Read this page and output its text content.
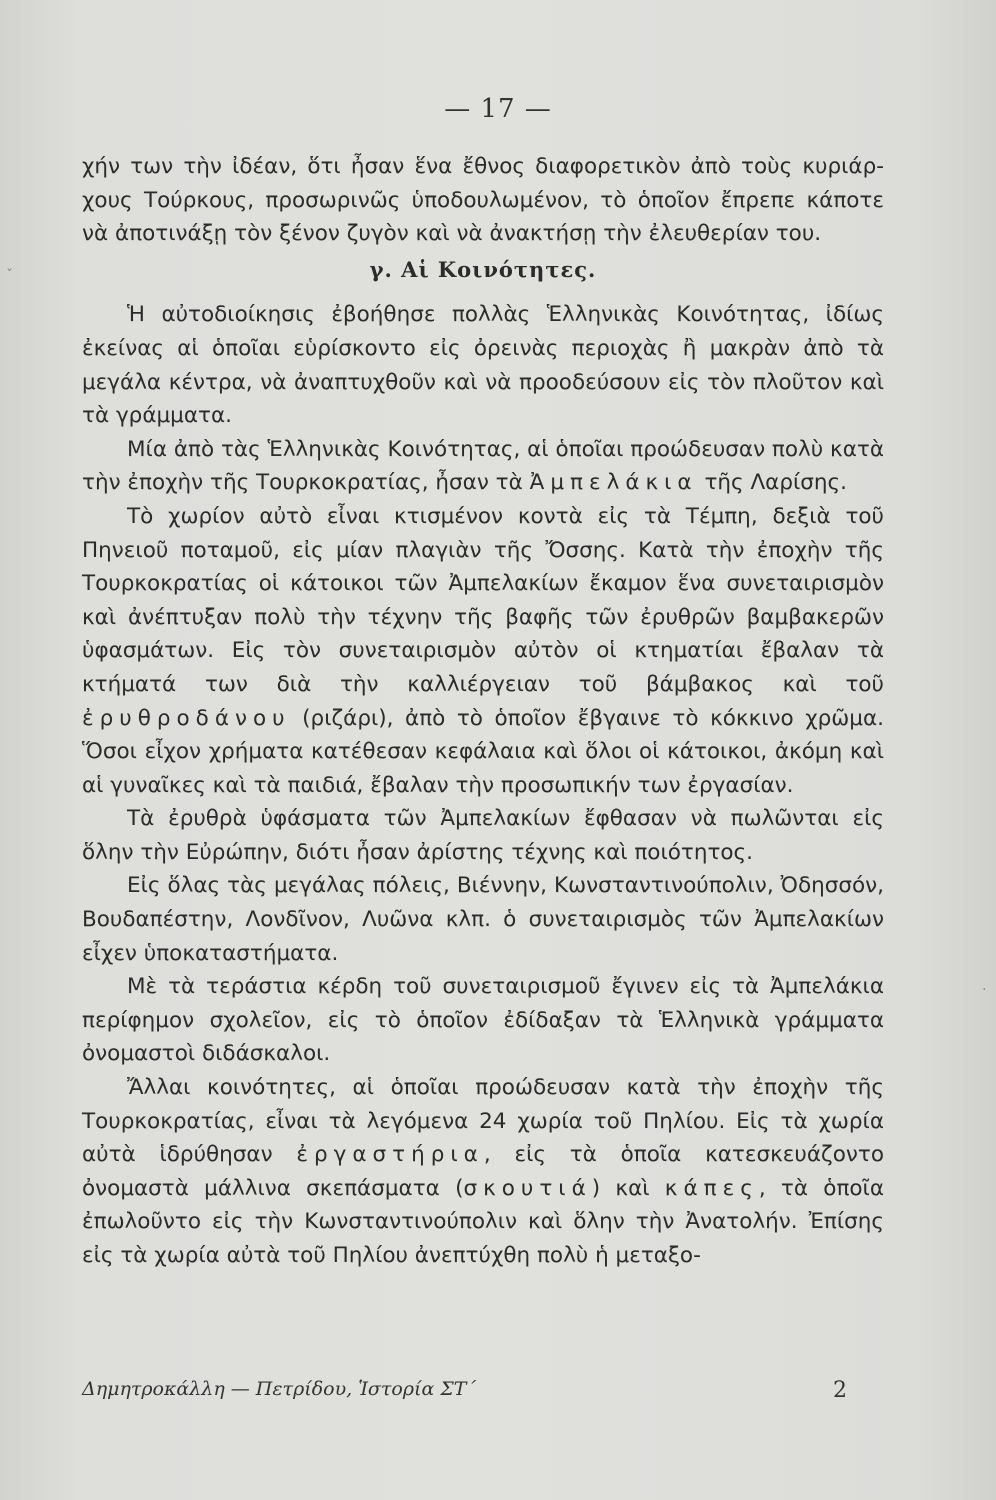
— 17 —

χήν των τὴν ἰδέαν, ὅτι ἦσαν ἕνα ἔθνος διαφορετικὸν ἀπὸ τοὺς κυριάρ-χους Τούρκους, προσωρινῶς ὑποδουλωμένον, τὸ ὁποῖον ἔπρεπε κάποτε νὰ ἀποτινάξῃ τὸν ξένον ζυγὸν καὶ νὰ ἀνακτήσῃ τὴν ἐλευθερίαν του.

γ. Αἱ Κοινότητες.

Ἡ αὐτοδιοίκησις ἐβοήθησε πολλὰς Ἑλληνικὰς Κοινότητας, ἰδίως ἐκείνας αἱ ὁποῖαι εὑρίσκοντο εἰς ὀρεινὰς περιοχὰς ἢ μακρὰν ἀπὸ τὰ μεγάλα κέντρα, νὰ ἀναπτυχθοῦν καὶ νὰ προοδεύσουν εἰς τὸν πλοῦτον καὶ τὰ γράμματα.

Μία ἀπὸ τὰς Ἑλληνικὰς Κοινότητας, αἱ ὁποῖαι προώδευσαν πολὺ κατὰ τὴν ἐποχὴν τῆς Τουρκοκρατίας, ἦσαν τὰ Ἀμπελάκια τῆς Λαρίσης.

Τὸ χωρίον αὐτὸ εἶναι κτισμένον κοντὰ εἰς τὰ Τέμπη, δεξιὰ τοῦ Πηνειοῦ ποταμοῦ, εἰς μίαν πλαγιὰν τῆς Ὄσσης. Κατὰ τὴν ἐποχὴν τῆς Τουρκοκρατίας οἱ κάτοικοι τῶν Ἀμπελακίων ἔκαμον ἕνα συνεταιρισμὸν καὶ ἀνέπτυξαν πολὺ τὴν τέχνην τῆς βαφῆς τῶν ἐρυθρῶν βαμβακερῶν ὑφασμάτων. Εἰς τὸν συνεταιρισμὸν αὐτὸν οἱ κτηματίαι ἔβαλαν τὰ κτήματά των διὰ τὴν καλλιέργειαν τοῦ βάμβακος καὶ τοῦ ἐρυθροδάνου (ριζάρι), ἀπὸ τὸ ὁποῖον ἔβγαινε τὸ κόκκινο χρῶμα. Ὅσοι εἶχον χρήματα κατέθεσαν κεφάλαια καὶ ὅλοι οἱ κάτοικοι, ἀκόμη καὶ αἱ γυναῖκες καὶ τὰ παιδιά, ἔβαλαν τὴν προσωπικήν των ἐργασίαν.

Τὰ ἐρυθρὰ ὑφάσματα τῶν Ἀμπελακίων ἔφθασαν νὰ πωλῶνται εἰς ὅλην τὴν Εὐρώπην, διότι ἦσαν ἀρίστης τέχνης καὶ ποιότητος.

Εἰς ὅλας τὰς μεγάλας πόλεις, Βιέννην, Κωνσταντινούπολιν, Ὀδησσόν, Βουδαπέστην, Λονδῖνον, Λυῶνα κλπ. ὁ συνεταιρισμὸς τῶν Ἀμπελακίων εἶχεν ὑποκαταστήματα.

Μὲ τὰ τεράστια κέρδη τοῦ συνεταιρισμοῦ ἔγινεν εἰς τὰ Ἀμπελάκια περίφημον σχολεῖον, εἰς τὸ ὁποῖον ἐδίδαξαν τὰ Ἑλληνικὰ γράμματα ὀνομαστοὶ διδάσκαλοι.

Ἄλλαι κοινότητες, αἱ ὁποῖαι προώδευσαν κατὰ τὴν ἐποχὴν τῆς Τουρκοκρατίας, εἶναι τὰ λεγόμενα 24 χωρία τοῦ Πηλίου. Εἰς τὰ χωρία αὐτὰ ἱδρύθησαν ἐργαστήρια, εἰς τὰ ὁποῖα κατεσκευάζοντο ὀνομαστὰ μάλλινα σκεπάσματα (σκουτιά) καὶ κάπες, τὰ ὁποῖα ἐπωλοῦντο εἰς τὴν Κωνσταντινούπολιν καὶ ὅλην τὴν Ἀνατολήν. Ἐπίσης εἰς τὰ χωρία αὐτὰ τοῦ Πηλίου ἀνεπτύχθη πολὺ ἡ μεταξο-

Δημητροκάλλη — Πετρίδου, Ἱστορία ΣΤ΄	2
ˇ
·
